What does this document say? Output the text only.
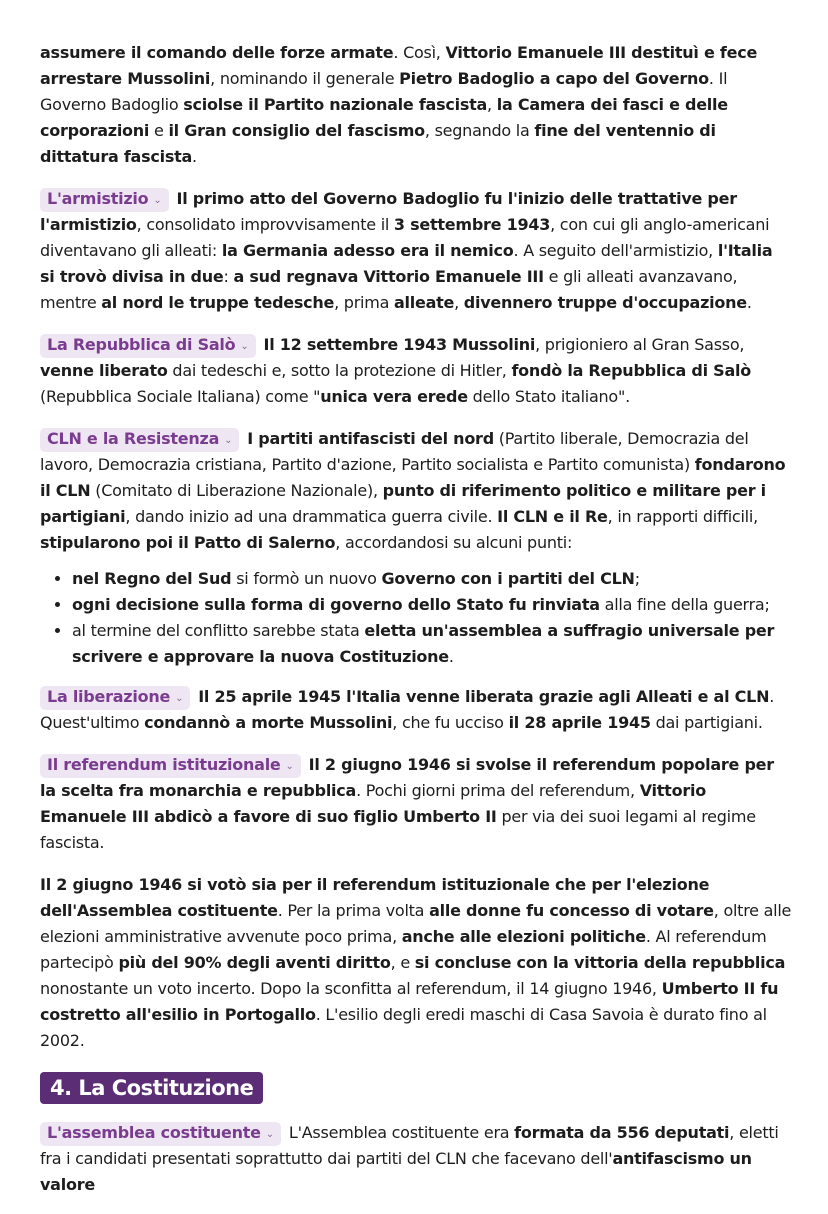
assumere il comando delle forze armate. Così, Vittorio Emanuele III destituì e fece arrestare Mussolini, nominando il generale Pietro Badoglio a capo del Governo. Il Governo Badoglio sciolse il Partito nazionale fascista, la Camera dei fasci e delle corporazioni e il Gran consiglio del fascismo, segnando la fine del ventennio di dittatura fascista.

L'armistizio ⌄ Il primo atto del Governo Badoglio fu l'inizio delle trattative per l'armistizio, consolidato improvvisamente il 3 settembre 1943, con cui gli anglo-americani diventavano gli alleati: la Germania adesso era il nemico. A seguito dell'armistizio, l'Italia si trovò divisa in due: a sud regnava Vittorio Emanuele III e gli alleati avanzavano, mentre al nord le truppe tedesche, prima alleate, divennero truppe d'occupazione.

La Repubblica di Salò ⌄ Il 12 settembre 1943 Mussolini, prigioniero al Gran Sasso, venne liberato dai tedeschi e, sotto la protezione di Hitler, fondò la Repubblica di Salò (Repubblica Sociale Italiana) come "unica vera erede dello Stato italiano".

CLN e la Resistenza ⌄ I partiti antifascisti del nord (Partito liberale, Democrazia del lavoro, Democrazia cristiana, Partito d'azione, Partito socialista e Partito comunista) fondarono il CLN (Comitato di Liberazione Nazionale), punto di riferimento politico e militare per i partigiani, dando inizio ad una drammatica guerra civile. Il CLN e il Re, in rapporti difficili, stipularono poi il Patto di Salerno, accordandosi su alcuni punti:

• nel Regno del Sud si formò un nuovo Governo con i partiti del CLN;
• ogni decisione sulla forma di governo dello Stato fu rinviata alla fine della guerra;
• al termine del conflitto sarebbe stata eletta un'assemblea a suffragio universale per scrivere e approvare la nuova Costituzione.

La liberazione ⌄ Il 25 aprile 1945 l'Italia venne liberata grazie agli Alleati e al CLN. Quest'ultimo condannò a morte Mussolini, che fu ucciso il 28 aprile 1945 dai partigiani.

Il referendum istituzionale ⌄ Il 2 giugno 1946 si svolse il referendum popolare per la scelta fra monarchia e repubblica. Pochi giorni prima del referendum, Vittorio Emanuele III abdicò a favore di suo figlio Umberto II per via dei suoi legami al regime fascista.

Il 2 giugno 1946 si votò sia per il referendum istituzionale che per l'elezione dell'Assemblea costituente. Per la prima volta alle donne fu concesso di votare, oltre alle elezioni amministrative avvenute poco prima, anche alle elezioni politiche. Al referendum partecipò più del 90% degli aventi diritto, e si concluse con la vittoria della repubblica nonostante un voto incerto. Dopo la sconfitta al referendum, il 14 giugno 1946, Umberto II fu costretto all'esilio in Portogallo. L'esilio degli eredi maschi di Casa Savoia è durato fino al 2002.

4. La Costituzione

L'assemblea costituente ⌄ L'Assemblea costituente era formata da 556 deputati, eletti fra i candidati presentati soprattutto dai partiti del CLN che facevano dell'antifascismo un valore
